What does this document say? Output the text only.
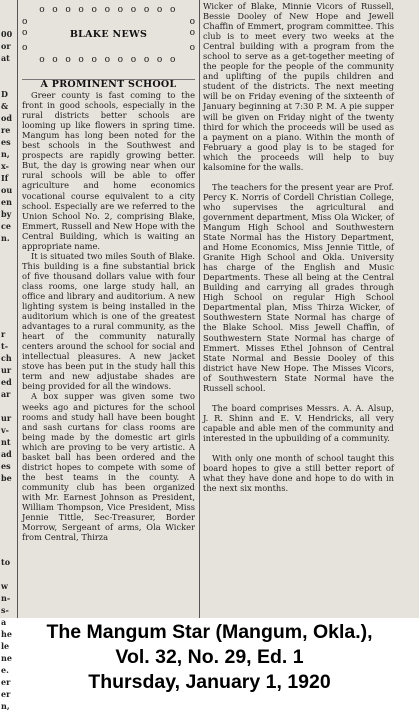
00
or
at

D
&
od
re
es
n,
x-
If
ou
en
by
ce
n.

r
t-
ch
ur
ed
ar

ur
v-
nt
ad
es
be

to

w
n-
s-
a
he
le
ne
e.
er
er
n,
o o o o o o o o o o o
o	o
o	BLAKE NEWS	o
o	o
o o o o o o o o o o o
A PROMINENT SCHOOL

Greer county is fast coming to the front in good schools, especially in the rural districts better schools are looming up like flowers in spring time. Mangum has long been noted for the best schools in the Southwest and prospects are rapidly growing better. But, the day is growing near when our rural schools will be able to offer agriculture and home economics vocational course equivalent to a city school. Especially are we referred to the Union School No. 2, comprising Blake, Emmert, Russell and New Hope with the Central Building, which is waiting an appropriate name.

It is situated two miles South of Blake. This building is a fine substantial brick of five thousand dollars value with four class rooms, one large study hall, an office and library and auditorium. A new lighting system is being installed in the auditorium which is one of the greatest advantages to a rural community, as the heart of the community naturally centers around the school for social and intellectual pleasures. A new jacket stove has been put in the study hall this term and new adjustabe shades are being provided for all the windows.

A box supper was given some two weeks ago and pictures for the school rooms and study hall have been bought and sash curtans for class rooms are being made by the domestic art girls which are proving to be very artistic. A basket ball has been ordered and the district hopes to compete with some of the best teams in the county. A community club has been organized with Mr. Earnest Johnson as President, William Thompson, Vice President, Miss Jennie Tittle, Sec-Treasurer, Border Morrow, Sergeant of arms, Ola Wicker from Central, Thirza

Wicker of Blake, Minnie Vicors of Russell, Bessie Dooley of New Hope and Jewell Chaffin of Emmert, program committee. This club is to meet every two weeks at the Central building with a program from the school to serve as a get-together meeting of the people for the people of the community and uplifting of the pupils children and student of the districts. The next meeting will be on Friday evening of the sixteenth of January beginning at 7:30 P. M. A pie supper will be given on Friday night of the twenty third for which the proceeds will be used as a payment on a piano. Within the month of February a good play is to be staged for which the proceeds will help to buy kalsomine for the walls.

The teachers for the present year are Prof. Percy K. Norris of Cordell Christian College, who supervises the agricultural and government department, Miss Ola Wicker, of Mangum High School and Southwestern State Normal has the History Department, and Home Economics, Miss Jennie Tittle, of Granite High School and Okla. University has charge of the English and Music Departments. These all being at the Central Building and carrying all grades through High School on regular High School Departmental plan, Miss Thirza Wicker, of Southwestern State Normal has charge of the Blake School. Miss Jewell Chaffin, of Southwestern State Normal has charge of Emmert. Misses Ethel Johnson of Central State Normal and Bessie Dooley of this district have New Hope. The Misses Vicors, of Southwestern State Normal have the Russell school.

The board comprises Messrs. A. A. Alsup, J. R. Shinn and E. V. Hendricks, all very capable and able men of the community and interested in the upbuilding of a community.

With only one month of school taught this board hopes to give a still better report of what they have done and hope to do with in the next six months.

The Mangum Star (Mangum, Okla.),
Vol. 32, No. 29, Ed. 1
Thursday, January 1, 1920
